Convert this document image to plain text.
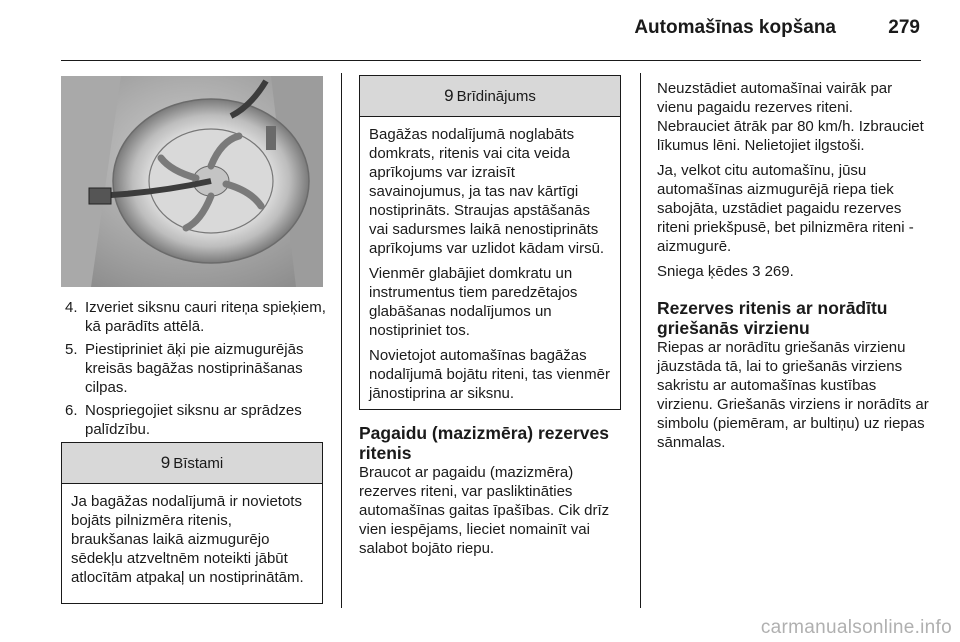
Automašīnas kopšana	279
4. Izveriet siksnu cauri riteņa spieķiem, kā parādīts attēlā.
5. Piestipriniet āķi pie aizmugurējās kreisās bagāžas nostiprināšanas cilpas.
6. Nospriegojiet siksnu ar sprādzes palīdzību.
9 Bīstami

Ja bagāžas nodalījumā ir novietots bojāts pilnizmēra ritenis, braukšanas laikā aizmugurējo sēdekļu atzveltnēm noteikti jābūt atlocītām atpakaļ un nostiprinātām.

9 Brīdinājums

Bagāžas nodalījumā noglabāts domkrats, ritenis vai cita veida aprīkojums var izraisīt savainojumus, ja tas nav kārtīgi nostiprināts. Straujas apstāšanās vai sadursmes laikā nenostiprināts aprīkojums var uzlidot kādam virsū.

Vienmēr glabājiet domkratu un instrumentus tiem paredzētajos glabāšanas nodalījumos un nostipriniet tos.

Novietojot automašīnas bagāžas nodalījumā bojātu riteni, tas vienmēr jānostiprina ar siksnu.

Pagaidu (mazizmēra) rezerves ritenis

Braucot ar pagaidu (mazizmēra) rezerves riteni, var pasliktināties automašīnas gaitas īpašības. Cik drīz vien iespējams, lieciet nomainīt vai salabot bojāto riepu.

Neuzstādiet automašīnai vairāk par vienu pagaidu rezerves riteni. Nebrauciet ātrāk par 80 km/h. Izbrauciet līkumus lēni. Nelietojiet ilgstoši.

Ja, velkot citu automašīnu, jūsu automašīnas aizmugurējā riepa tiek sabojāta, uzstādiet pagaidu rezerves riteni priekšpusē, bet pilnizmēra riteni - aizmugurē.

Sniega ķēdes 3 269.

Rezerves ritenis ar norādītu griešanās virzienu

Riepas ar norādītu griešanās virzienu jāuzstāda tā, lai to griešanās virziens sakristu ar automašīnas kustības virzienu. Griešanās virziens ir norādīts ar simbolu (piemēram, ar bultiņu) uz riepas sānmalas.

carmanualsonline.info
